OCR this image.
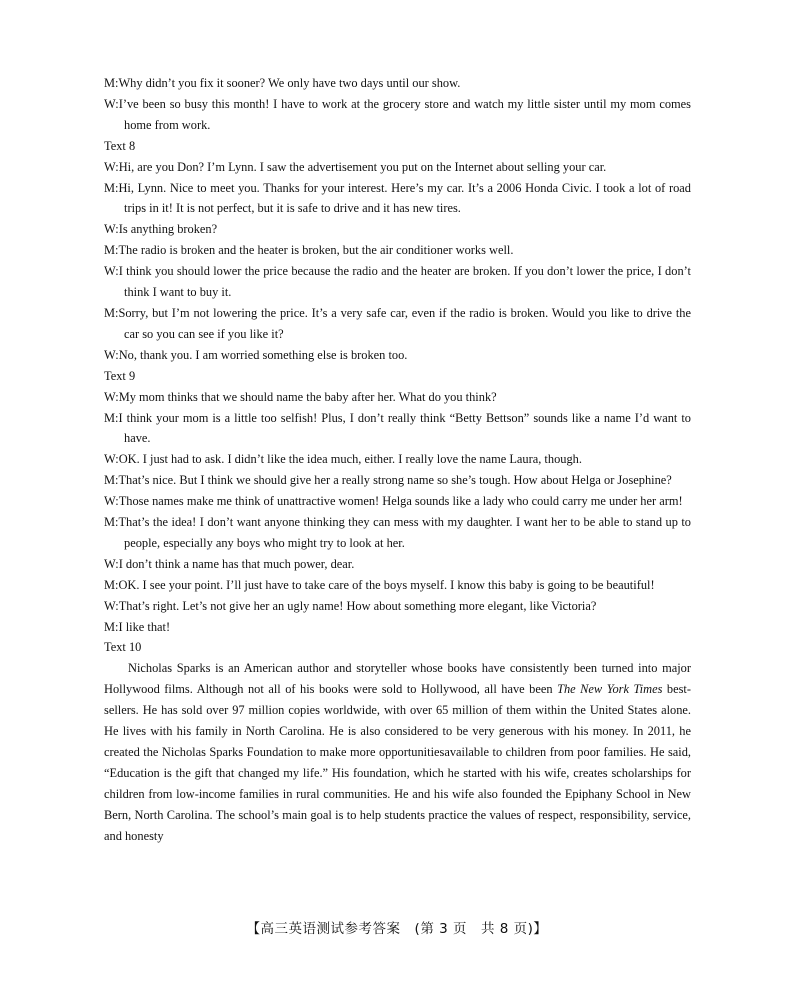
M:Why didn’t you fix it sooner? We only have two days until our show.

W:I’ve been so busy this month! I have to work at the grocery store and watch my little sister until my mom comes home from work.

Text 8

W:Hi, are you Don? I’m Lynn. I saw the advertisement you put on the Internet about selling your car.

M:Hi, Lynn. Nice to meet you. Thanks for your interest. Here’s my car. It’s a 2006 Honda Civic. I took a lot of road trips in it! It is not perfect, but it is safe to drive and it has new tires.

W:Is anything broken?

M:The radio is broken and the heater is broken, but the air conditioner works well.

W:I think you should lower the price because the radio and the heater are broken. If you don’t lower the price, I don’t think I want to buy it.

M:Sorry, but I’m not lowering the price. It’s a very safe car, even if the radio is broken. Would you like to drive the car so you can see if you like it?

W:No, thank you. I am worried something else is broken too.

Text 9

W:My mom thinks that we should name the baby after her. What do you think?

M:I think your mom is a little too selfish! Plus, I don’t really think “Betty Bettson” sounds like a name I’d want to have.

W:OK. I just had to ask. I didn’t like the idea much, either. I really love the name Laura, though.

M:That’s nice. But I think we should give her a really strong name so she’s tough. How about Helga or Josephine?

W:Those names make me think of unattractive women! Helga sounds like a lady who could carry me under her arm!

M:That’s the idea! I don’t want anyone thinking they can mess with my daughter. I want her to be able to stand up to people, especially any boys who might try to look at her.

W:I don’t think a name has that much power, dear.

M:OK. I see your point. I’ll just have to take care of the boys myself. I know this baby is going to be beautiful!

W:That’s right. Let’s not give her an ugly name! How about something more elegant, like Victoria?

M:I like that!

Text 10

Nicholas Sparks is an American author and storyteller whose books have consistently been turned into major Hollywood films. Although not all of his books were sold to Hollywood, all have been The New York Times best-sellers. He has sold over 97 million copies worldwide, with over 65 million of them within the United States alone. He lives with his family in North Carolina. He is also considered to be very generous with his money. In 2011, he created the Nicholas Sparks Foundation to make more opportunitiesavailable to children from poor families. He said, “Education is the gift that changed my life.” His foundation, which he started with his wife, creates scholarships for children from low-income families in rural communities. He and his wife also founded the Epiphany School in New Bern, North Carolina. The school’s main goal is to help students practice the values of respect, responsibility, service, and honesty

【高三英语测试参考答案　(第 3 页　共 8 页)】
